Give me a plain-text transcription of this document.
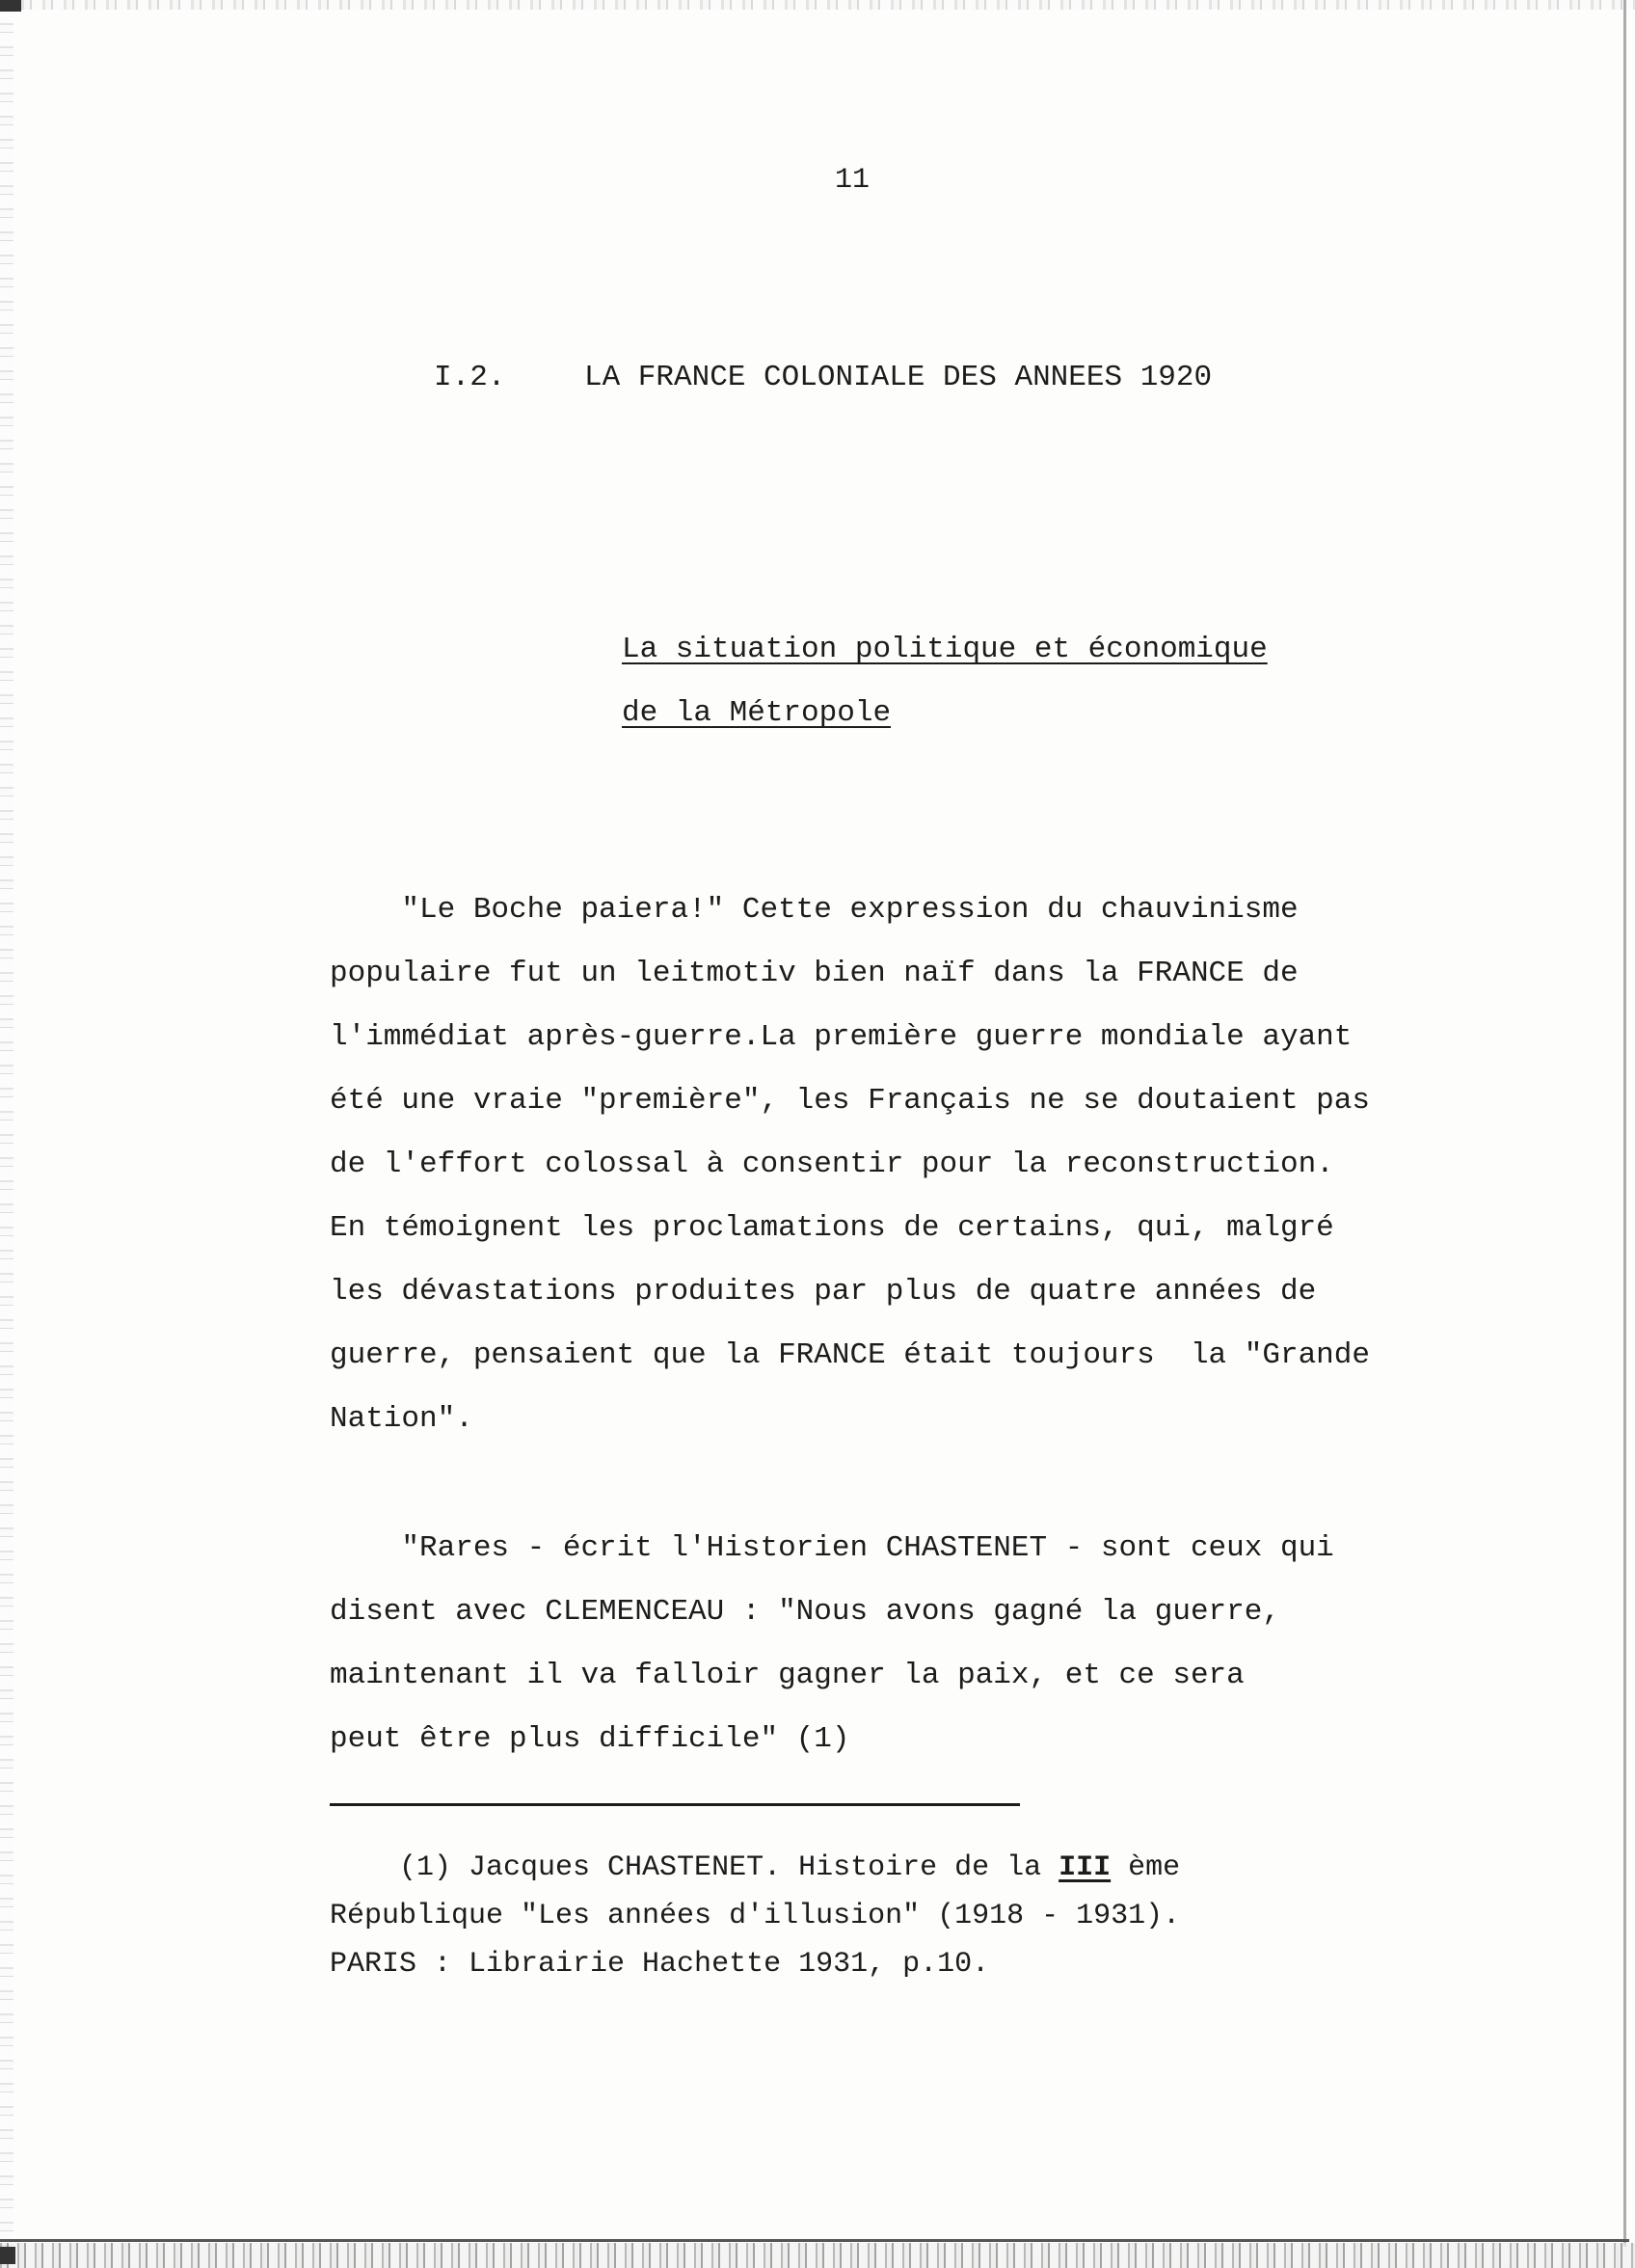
11
I.2.	LA FRANCE COLONIALE DES ANNEES 1920
La situation politique et économique
de la Métropole
"Le Boche paiera!" Cette expression du chauvinisme
populaire fut un leitmotiv bien naïf dans la FRANCE de
l'immédiat après-guerre.La première guerre mondiale ayant
été une vraie "première", les Français ne se doutaient pas
de l'effort colossal à consentir pour la reconstruction.
En témoignent les proclamations de certains, qui, malgré
les dévastations produites par plus de quatre années de
guerre, pensaient que la FRANCE était toujours  la "Grande
Nation".
"Rares - écrit l'Historien CHASTENET - sont ceux qui
disent avec CLEMENCEAU : "Nous avons gagné la guerre,
maintenant il va falloir gagner la paix, et ce sera
peut être plus difficile" (1)
(1) Jacques CHASTENET. Histoire de la III ème
République "Les années d'illusion" (1918 - 1931).
PARIS : Librairie Hachette 1931, p.10.
